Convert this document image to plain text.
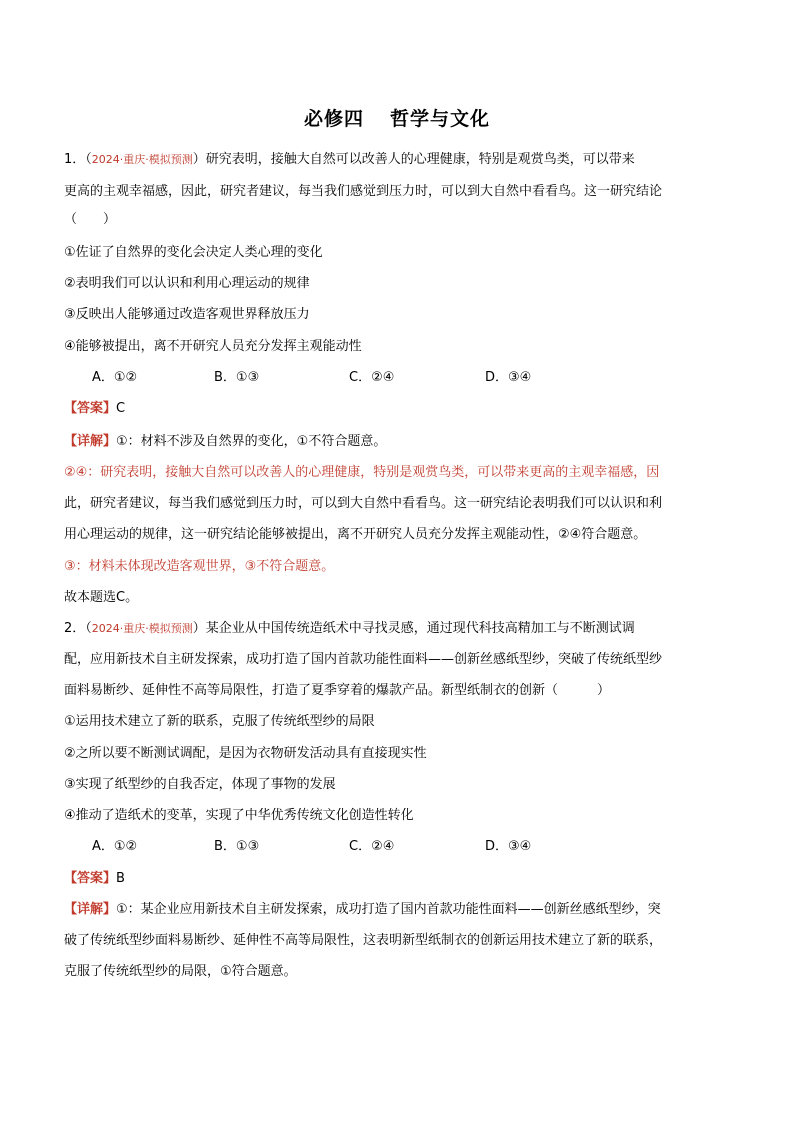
必修四 哲学与文化
1．（2024·重庆·模拟预测）研究表明，接触大自然可以改善人的心理健康，特别是观赏鸟类，可以带来
更高的主观幸福感，因此，研究者建议，每当我们感觉到压力时，可以到大自然中看看鸟。这一研究结论
（　　）
①佐证了自然界的变化会决定人类心理的变化
②表明我们可以认识和利用心理运动的规律
③反映出人能够通过改造客观世界释放压力
④能够被提出，离不开研究人员充分发挥主观能动性
A．①②	B．①③	C．②④	D．③④
【答案】C
【详解】①：材料不涉及自然界的变化，①不符合题意。
②④：研究表明，接触大自然可以改善人的心理健康，特别是观赏鸟类，可以带来更高的主观幸福感，因
此，研究者建议，每当我们感觉到压力时，可以到大自然中看看鸟。这一研究结论表明我们可以认识和利
用心理运动的规律，这一研究结论能够被提出，离不开研究人员充分发挥主观能动性，②④符合题意。
③：材料未体现改造客观世界，③不符合题意。
故本题选C。
2．（2024·重庆·模拟预测）某企业从中国传统造纸术中寻找灵感，通过现代科技高精加工与不断测试调
配，应用新技术自主研发探索，成功打造了国内首款功能性面料——创新丝感纸型纱，突破了传统纸型纱
面料易断纱、延伸性不高等局限性，打造了夏季穿着的爆款产品。新型纸制衣的创新（　　　）
①运用技术建立了新的联系，克服了传统纸型纱的局限
②之所以要不断测试调配，是因为衣物研发活动具有直接现实性
③实现了纸型纱的自我否定，体现了事物的发展
④推动了造纸术的变革，实现了中华优秀传统文化创造性转化
A．①②	B．①③	C．②④	D．③④
【答案】B
【详解】①：某企业应用新技术自主研发探索，成功打造了国内首款功能性面料——创新丝感纸型纱，突
破了传统纸型纱面料易断纱、延伸性不高等局限性，这表明新型纸制衣的创新运用技术建立了新的联系，
克服了传统纸型纱的局限，①符合题意。
